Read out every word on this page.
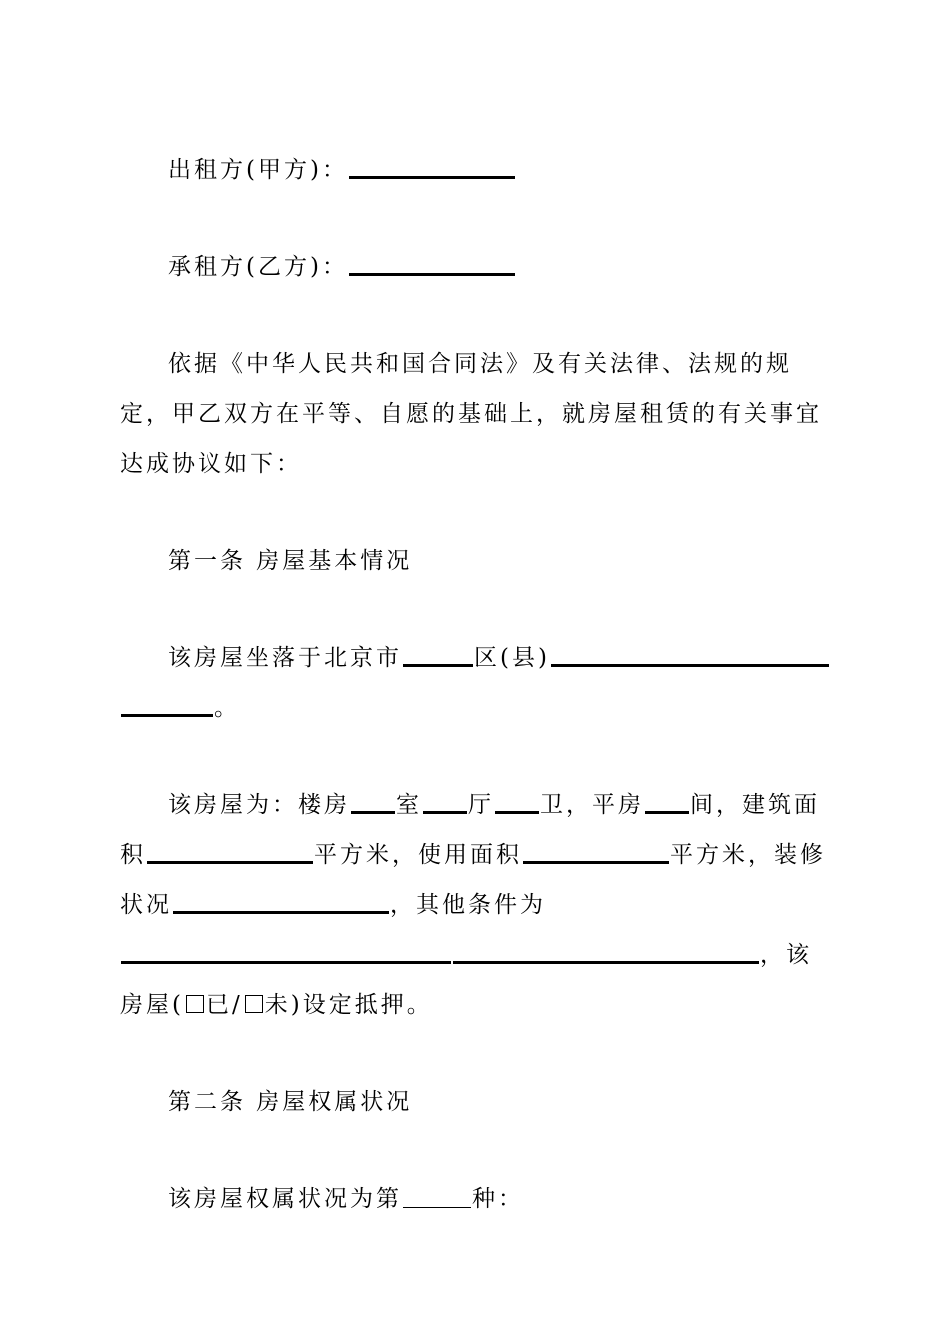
出租方(甲方)：

承租方(乙方)：

依据《中华人民共和国合同法》及有关法律、法规的规定，甲乙双方在平等、自愿的基础上，就房屋租赁的有关事宜达成协议如下：

第一条 房屋基本情况

该房屋坐落于北京市	区(县)。

该房屋为：楼房 室 厅 卫，平房 间，建筑面积	平方米，使用面积	平方米，装修状况	，其他条件为，该房屋( 已/ 未)设定抵押。

第二条 房屋权属状况

该房屋权属状况为第	种：
